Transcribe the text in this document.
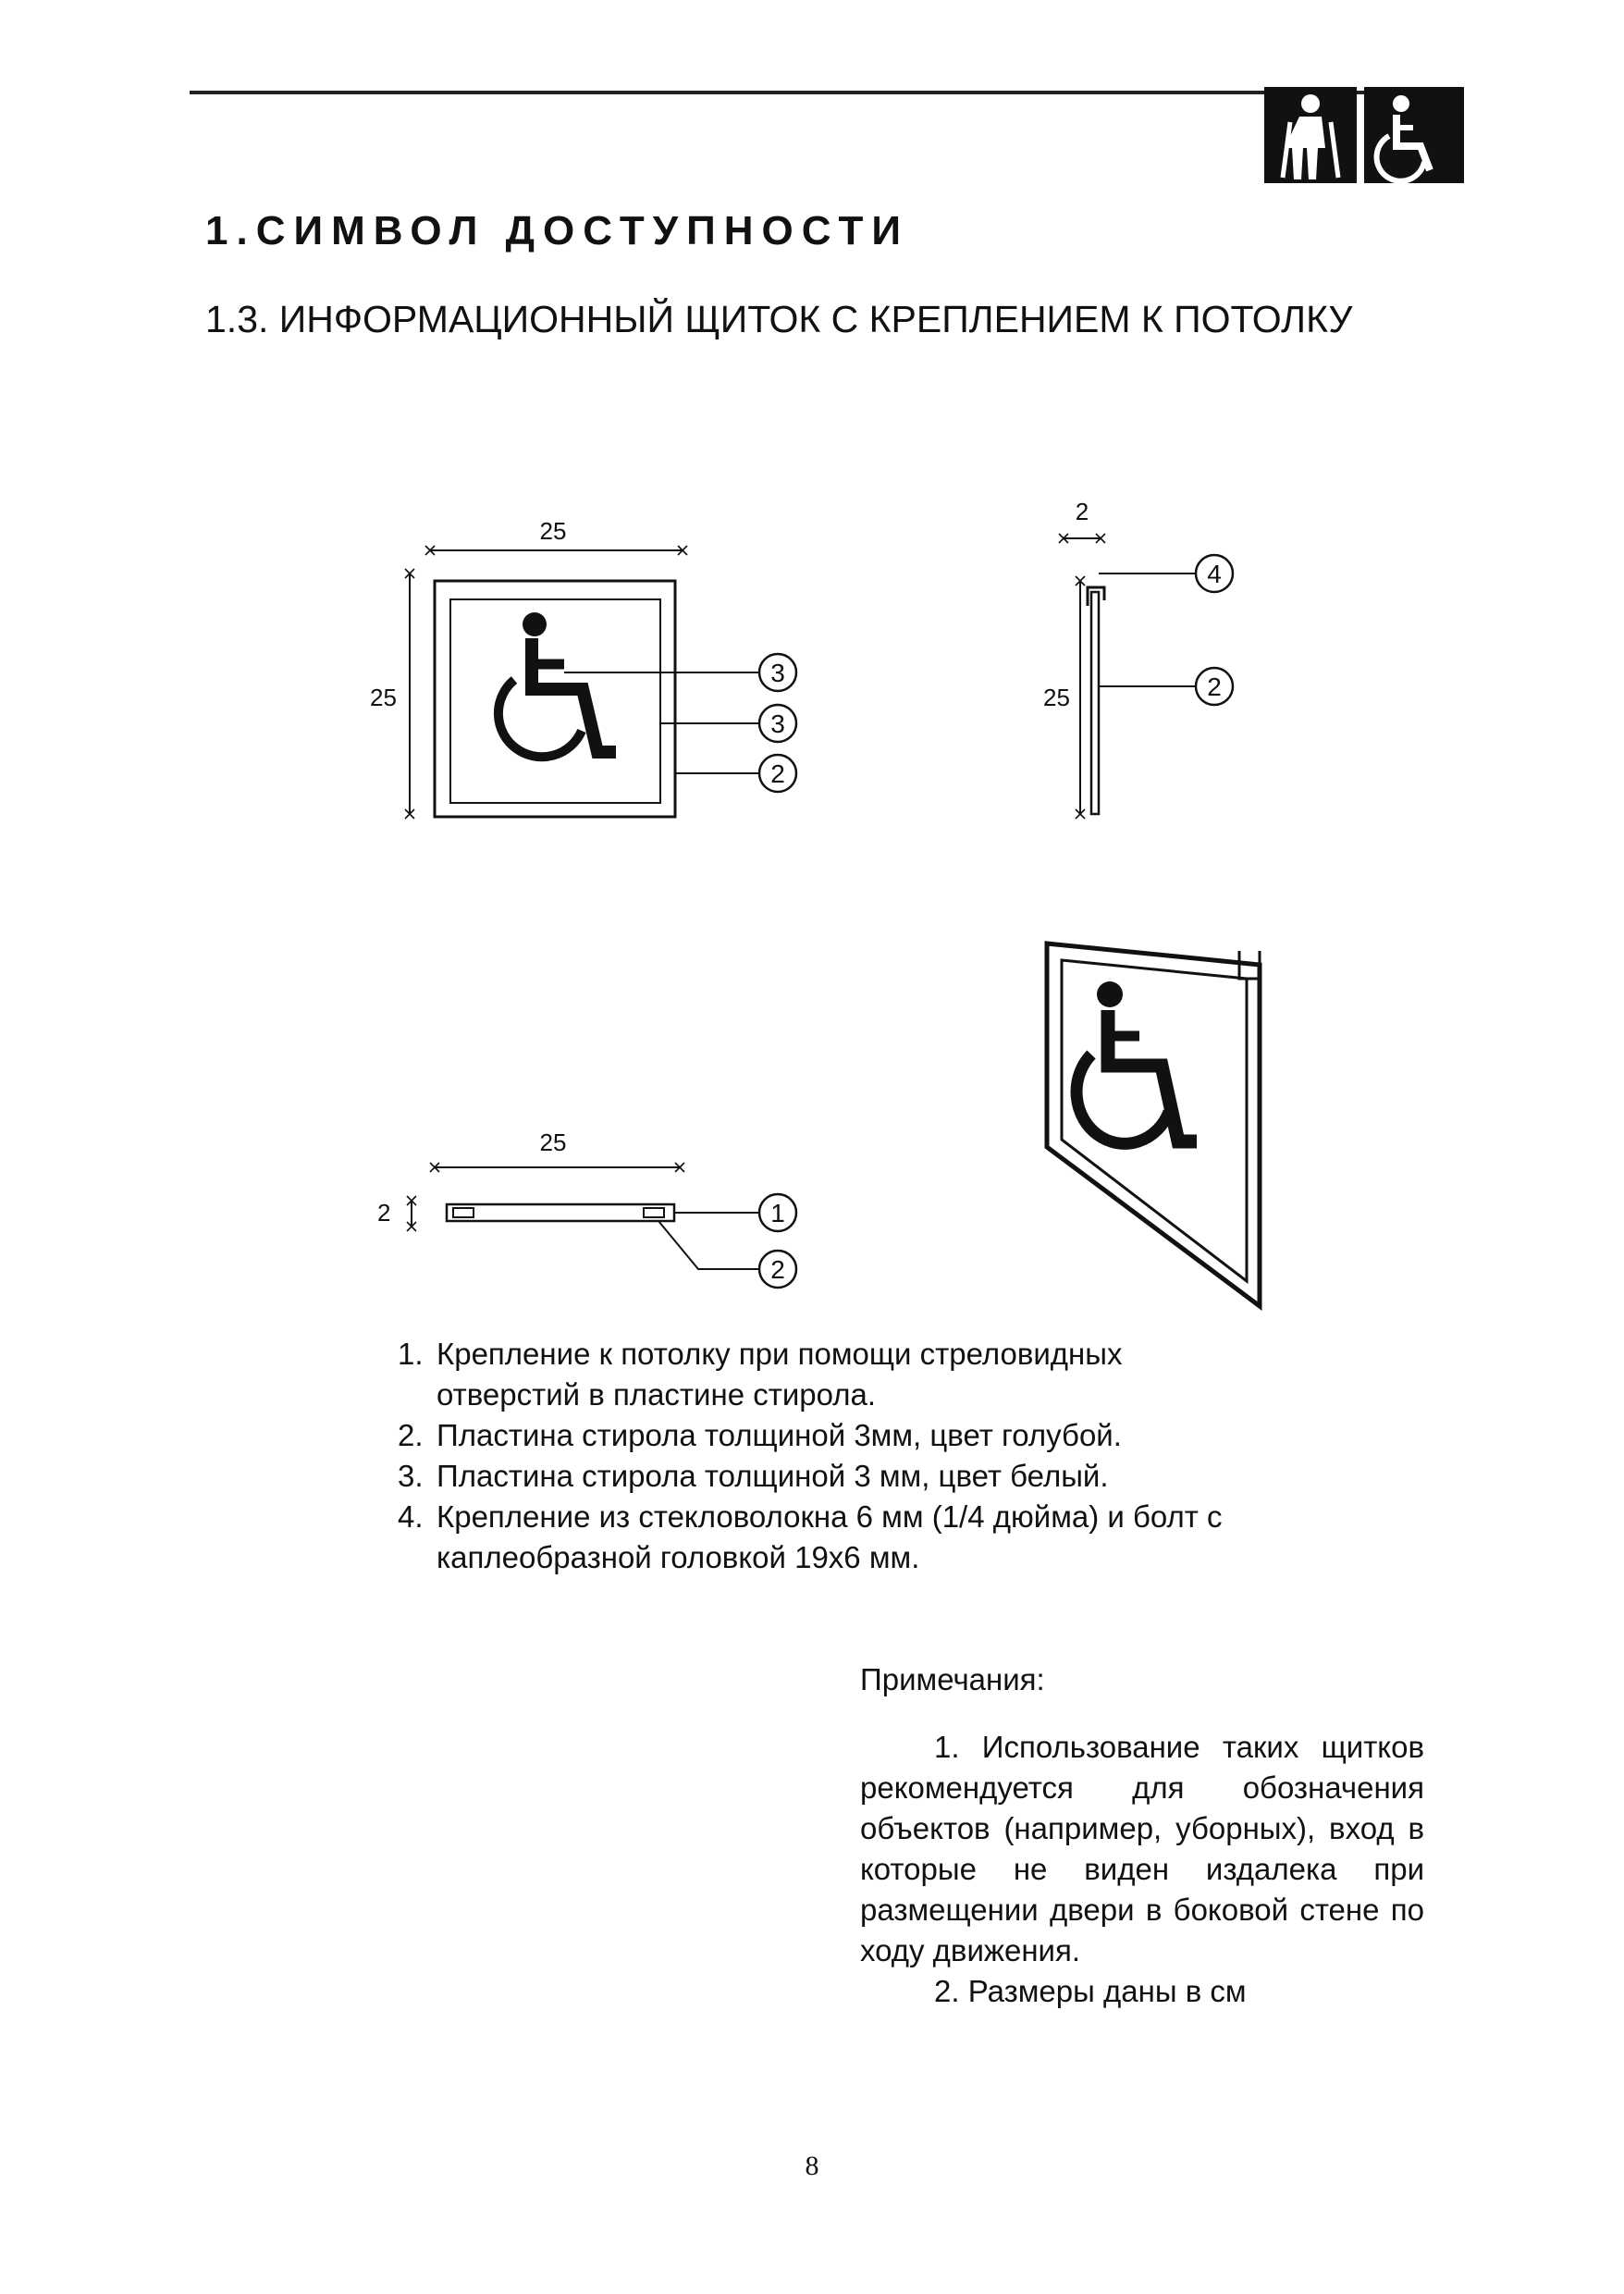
1.СИМВОЛ ДОСТУПНОСТИ
1.3. ИНФОРМАЦИОННЫЙ ЩИТОК С КРЕПЛЕНИЕМ К ПОТОЛКУ
25
25
3
3
2
2
25
4
2
25
2	1
2
1. Крепление к потолку при помощи стреловидных отверстий в пластине стирола.
2. Пластина стирола толщиной 3мм, цвет голубой.
3. Пластина стирола толщиной 3 мм, цвет белый.
4. Крепление из стекловолокна 6 мм (1/4 дюйма) и болт с каплеобразной головкой 19х6 мм.
Примечания:
1. Использование таких щитков рекомендуется для обозначения объектов (например, уборных), вход в которые не виден издалека при размещении двери в боковой стене по ходу движения.
2. Размеры даны в см
8
